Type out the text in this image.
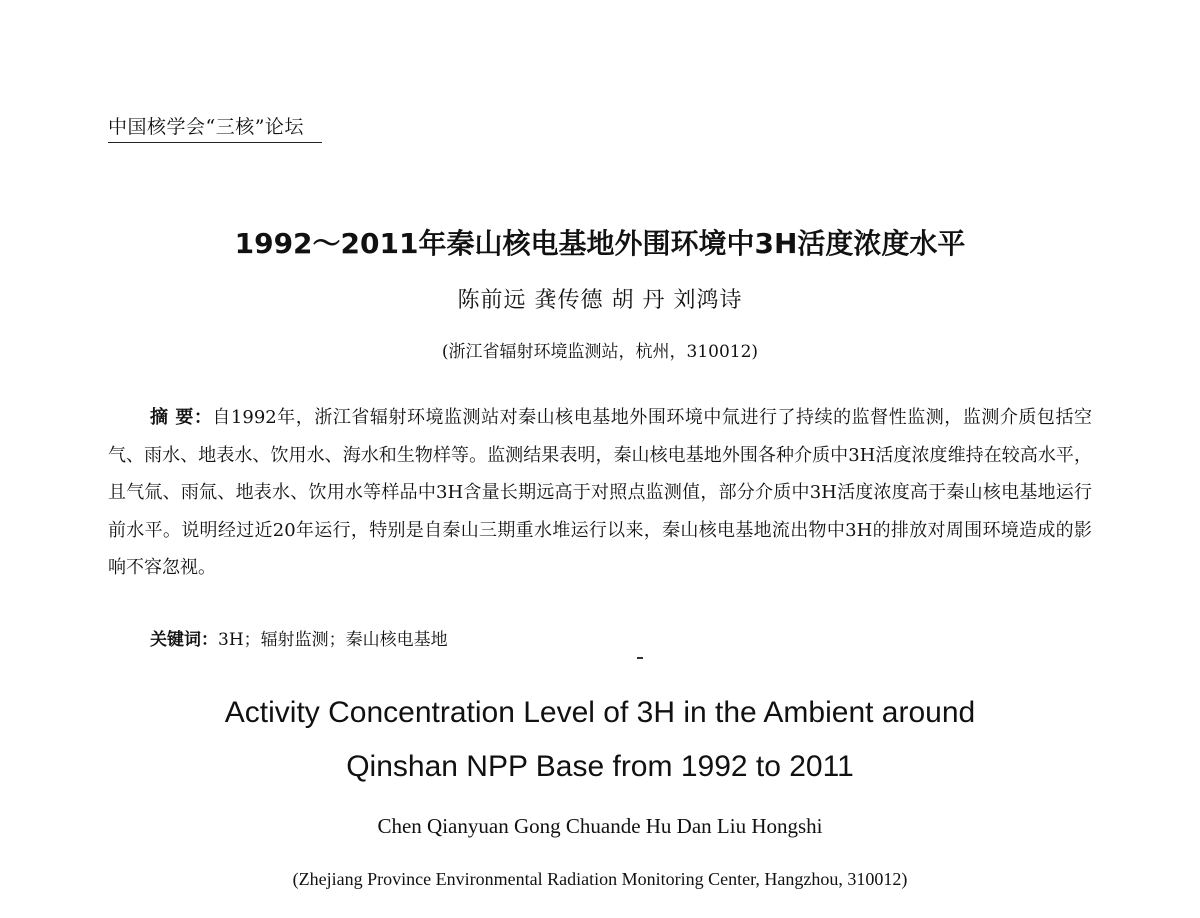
中国核学会“三核”论坛
1992～2011年秦山核电基地外围环境中3H活度浓度水平
陈前远 龚传德 胡 丹 刘鸿诗
(浙江省辐射环境监测站，杭州，310012)
摘 要：自1992年，浙江省辐射环境监测站对秦山核电基地外围环境中氚进行了持续的监督性监测，监测介质包括空气、雨水、地表水、饮用水、海水和生物样等。监测结果表明，秦山核电基地外围各种介质中3H活度浓度维持在较高水平，且气氚、雨氚、地表水、饮用水等样品中3H含量长期远高于对照点监测值，部分介质中3H活度浓度高于秦山核电基地运行前水平。说明经过近20年运行，特别是自秦山三期重水堆运行以来，秦山核电基地流出物中3H的排放对周围环境造成的影响不容忽视。
关键词：3H；辐射监测；秦山核电基地
Activity Concentration Level of 3H in the Ambient around
Qinshan NPP Base from 1992 to 2011
Chen Qianyuan Gong Chuande Hu Dan Liu Hongshi
(Zhejiang Province Environmental Radiation Monitoring Center, Hangzhou, 310012)
